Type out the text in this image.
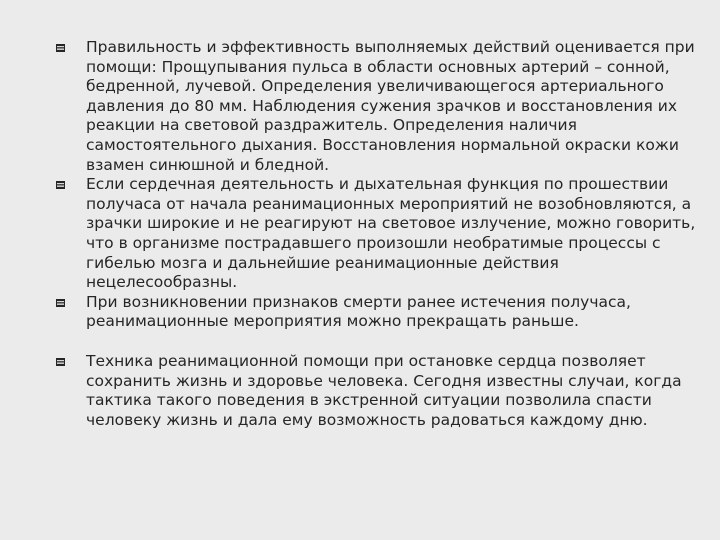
Правильность и эффективность выполняемых действий оценивается при помощи: Прощупывания пульса в области основных артерий – сонной, бедренной, лучевой. Определения увеличивающегося артериального давления до 80 мм. Наблюдения сужения зрачков и восстановления их реакции на световой раздражитель. Определения наличия самостоятельного дыхания. Восстановления нормальной окраски кожи взамен синюшной и бледной.
Если сердечная деятельность и дыхательная функция по прошествии получаса от начала реанимационных мероприятий не возобновляются, а зрачки широкие и не реагируют на световое излучение, можно говорить, что в организме пострадавшего произошли необратимые процессы с гибелью мозга и дальнейшие реанимационные действия нецелесообразны.
При возникновении признаков смерти ранее истечения получаса, реанимационные мероприятия можно прекращать раньше.
Техника реанимационной помощи при остановке сердца позволяет сохранить жизнь и здоровье человека. Сегодня известны случаи, когда тактика такого поведения в экстренной ситуации позволила спасти человеку жизнь и дала ему возможность радоваться каждому дню.
